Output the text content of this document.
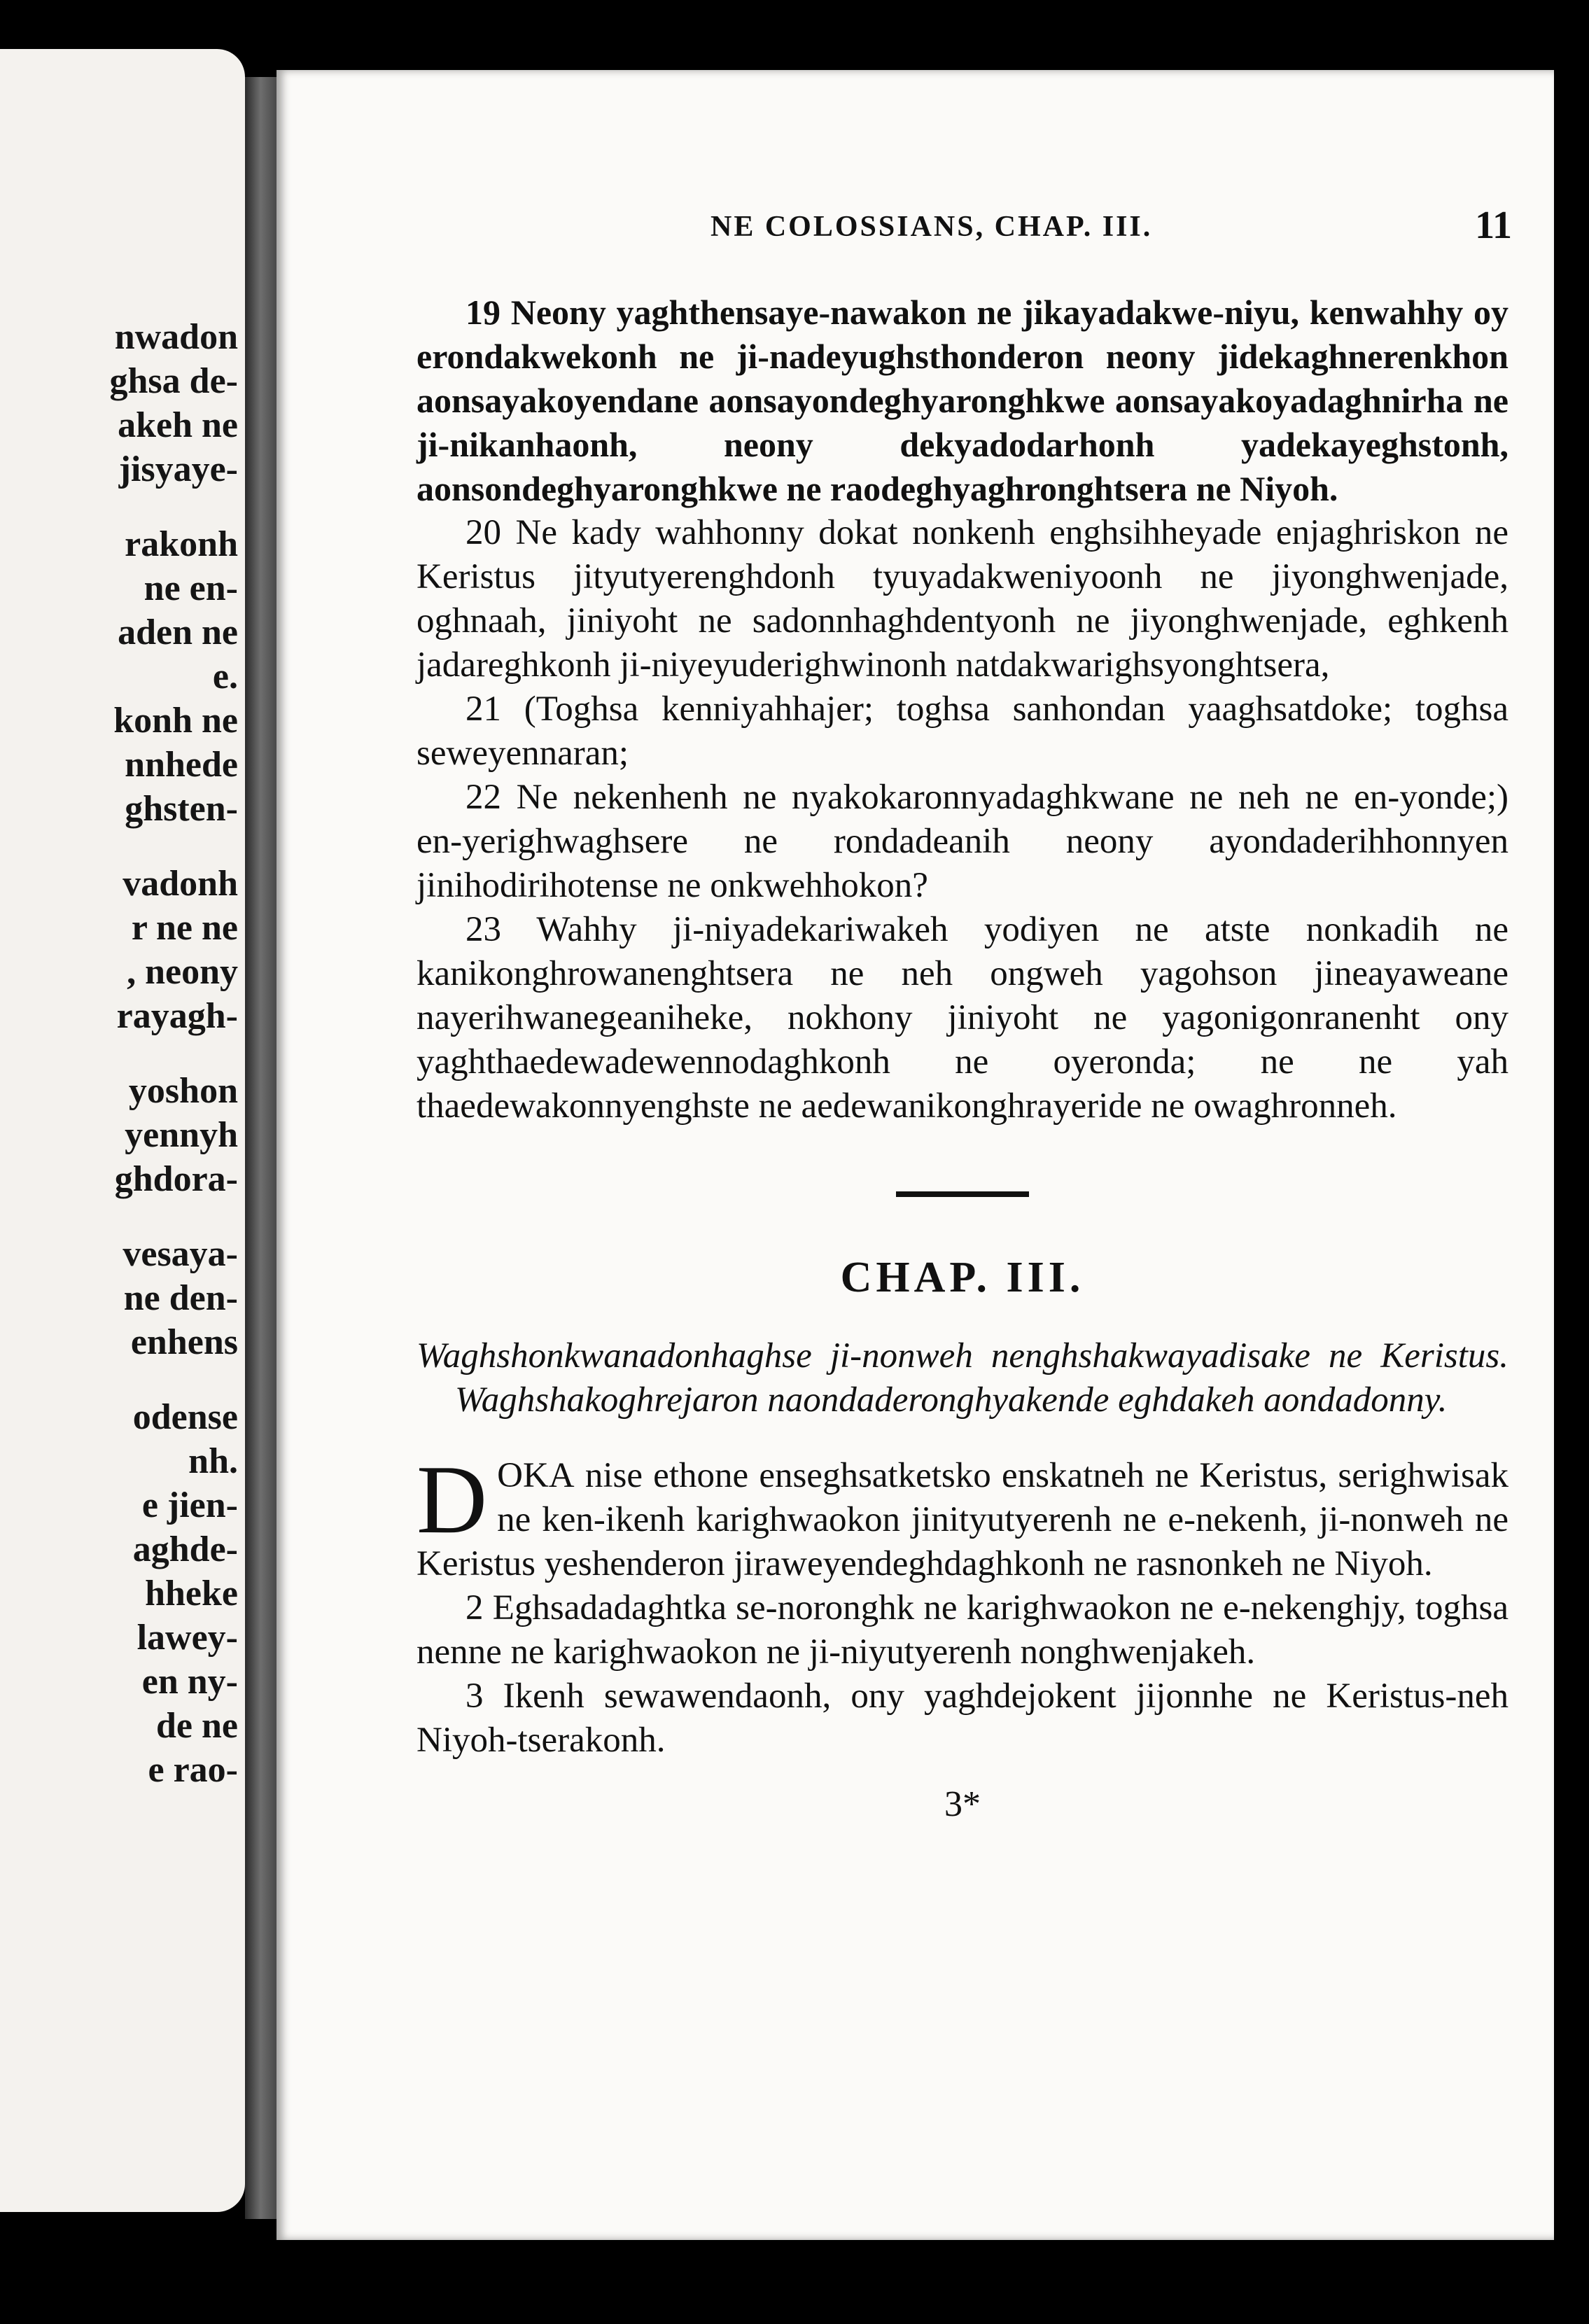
nwadon
ghsa de-
akeh ne
jisyaye-
rakonh
ne en-
aden ne
e.
konh ne
nnhede
ghsten-
vadonh
r ne ne
, neony
rayagh-
yoshon
yennyh
ghdora-
vesaya-
ne den-
enhens
odense
nh.
e jien-
aghde-
hheke
lawey-
en ny-
de ne
e rao-
NE COLOSSIANS, CHAP. III.	11

19 Neony yaghthensaye-nawakon ne jikayadakwe-niyu, kenwahhy oy erondakwekonh ne ji-nadeyughsthonderon neony jidekaghnerenkhon aonsayakoyendane aonsayondeghyaronghkwe aonsayakoyadaghnirha ne ji-nikanhaonh, neony dekyadodarhonh yadekayeghstonh, aonsondeghyaronghkwe ne raodeghyaghronghtsera ne Niyoh.

20 Ne kady wahhonny dokat nonkenh enghsihheyade enjaghriskon ne Keristus jityutyerenghdonh tyuyadakweniyoonh ne jiyonghwenjade, oghnaah, jiniyoht ne sadonnhaghdentyonh ne jiyonghwenjade, eghkenh jadareghkonh ji-niyeyuderighwinonh natdakwarighsyonghtsera,

21 (Toghsa kenniyahhajer; toghsa sanhondan yaaghsatdoke; toghsa seweyennaran;

22 Ne nekenhenh ne nyakokaronnyadaghkwane ne neh ne en-yonde;) en-yerighwaghsere ne rondadeanih neony ayondaderihhonnyen jinihodirihotense ne onkwehhokon?

23 Wahhy ji-niyadekariwakeh yodiyen ne atste nonkadih ne kanikonghrowanenghtsera ne neh ongweh yagohson jineayaweane nayerihwanegeaniheke, nokhony jiniyoht ne yagonigonranenht ony yaghthaedewadewennodaghkonh ne oyeronda; ne ne yah thaedewakonnyenghste ne aedewanikonghrayeride ne owaghronneh.

CHAP. III.

Waghshonkwanadonhaghse ji-nonweh nenghshakwayadisake ne Keristus. Waghshakoghrejaron naondaderonghyakende eghdakeh aondadonny.

DOKA nise ethone enseghsatketsko enskatneh ne Keristus, serighwisak ne ken-ikenh karighwaokon jinityutyerenh ne e-nekenh, ji-nonweh ne Keristus yeshenderon jiraweyendeghdaghkonh ne rasnonkeh ne Niyoh.

2 Eghsadadaghtka se-noronghk ne karighwaokon ne e-nekenghjy, toghsa nenne ne karighwaokon ne ji-niyutyerenh nonghwenjakeh.

3 Ikenh sewawendaonh, ony yaghdejokent jijonnhe ne Keristus-neh Niyoh-tserakonh.

3*
